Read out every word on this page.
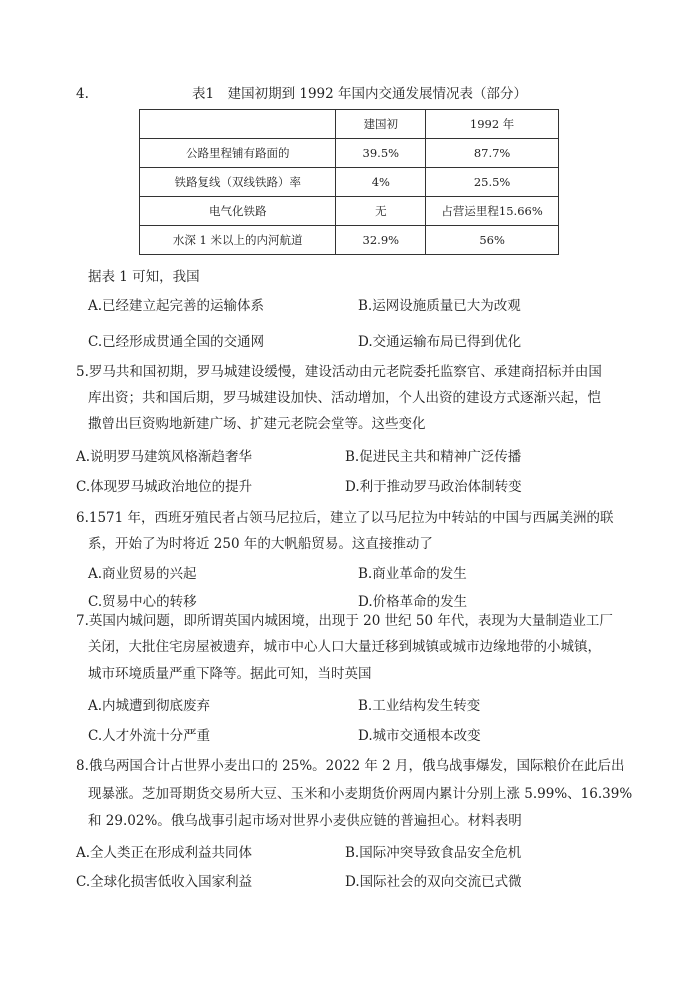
4.	表1　建国初期到 1992 年国内交通发展情况表（部分）
	建国初	1992 年
公路里程铺有路面的	39.5%	87.7%
铁路复线（双线铁路）率	4%	25.5%
电气化铁路	无	占营运里程15.66%
水深 1 米以上的内河航道	32.9%	56%
据表 1 可知，我国
A.已经建立起完善的运输体系	B.运网设施质量已大为改观
C.已经形成贯通全国的交通网	D.交通运输布局已得到优化
5.罗马共和国初期，罗马城建设缓慢，建设活动由元老院委托监察官、承建商招标并由国
库出资；共和国后期，罗马城建设加快、活动增加，个人出资的建设方式逐渐兴起，恺
撒曾出巨资购地新建广场、扩建元老院会堂等。这些变化
A.说明罗马建筑风格渐趋奢华	B.促进民主共和精神广泛传播
C.体现罗马城政治地位的提升	D.利于推动罗马政治体制转变
6.1571 年，西班牙殖民者占领马尼拉后，建立了以马尼拉为中转站的中国与西属美洲的联
系，开始了为时将近 250 年的大帆船贸易。这直接推动了
A.商业贸易的兴起	B.商业革命的发生
C.贸易中心的转移	D.价格革命的发生
7.英国内城问题，即所谓英国内城困境，出现于 20 世纪 50 年代，表现为大量制造业工厂
关闭，大批住宅房屋被遗弃，城市中心人口大量迁移到城镇或城市边缘地带的小城镇，
城市环境质量严重下降等。据此可知，当时英国
A.内城遭到彻底废弃	B.工业结构发生转变
C.人才外流十分严重	D.城市交通根本改变
8.俄乌两国合计占世界小麦出口的 25%。2022 年 2 月，俄乌战事爆发，国际粮价在此后出
现暴涨。芝加哥期货交易所大豆、玉米和小麦期货价两周内累计分别上涨 5.99%、16.39%
和 29.02%。俄乌战事引起市场对世界小麦供应链的普遍担心。材料表明
A.全人类正在形成利益共同体	B.国际冲突导致食品安全危机
C.全球化损害低收入国家利益	D.国际社会的双向交流已式微
